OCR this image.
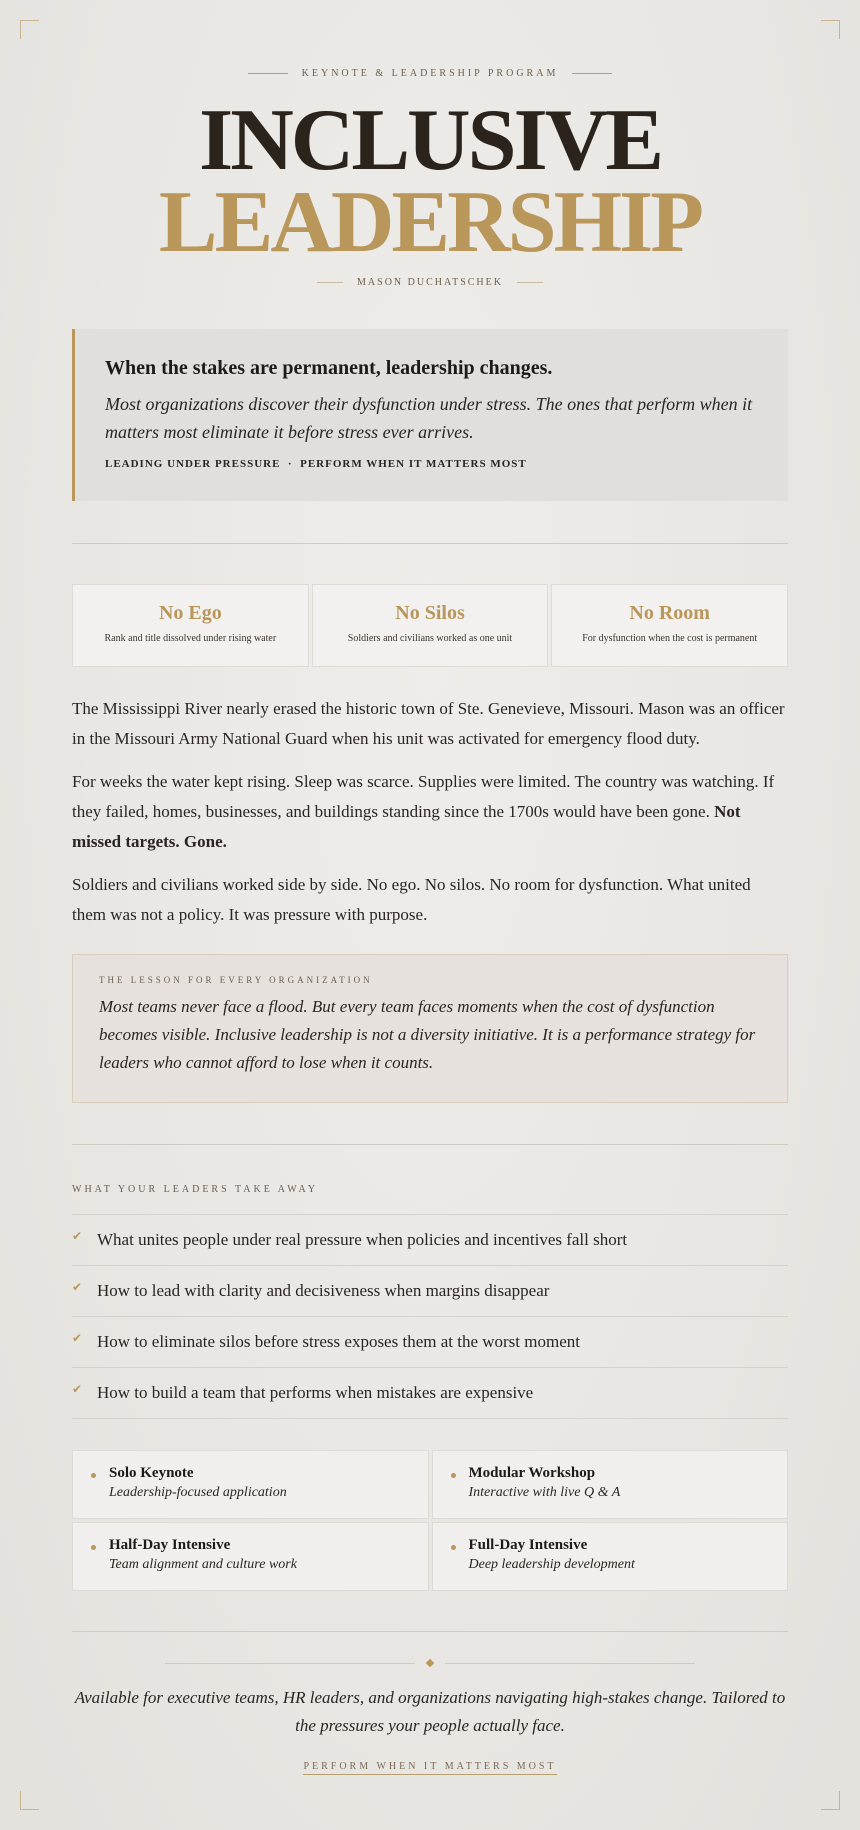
KEYNOTE & LEADERSHIP PROGRAM
INCLUSIVE
LEADERSHIP
MASON DUCHATSCHEK
When the stakes are permanent, leadership changes.
Most organizations discover their dysfunction under stress. The ones that perform when it matters most eliminate it before stress ever arrives.
LEADING UNDER PRESSURE · PERFORM WHEN IT MATTERS MOST
No Ego
Rank and title dissolved under rising water
No Silos
Soldiers and civilians worked as one unit
No Room
For dysfunction when the cost is permanent

The Mississippi River nearly erased the historic town of Ste. Genevieve, Missouri. Mason was an officer in the Missouri Army National Guard when his unit was activated for emergency flood duty.

For weeks the water kept rising. Sleep was scarce. Supplies were limited. The country was watching. If they failed, homes, businesses, and buildings standing since the 1700s would have been gone. Not missed targets. Gone.

Soldiers and civilians worked side by side. No ego. No silos. No room for dysfunction. What united them was not a policy. It was pressure with purpose.

THE LESSON FOR EVERY ORGANIZATION
Most teams never face a flood. But every team faces moments when the cost of dysfunction becomes visible. Inclusive leadership is not a diversity initiative. It is a performance strategy for leaders who cannot afford to lose when it counts.
WHAT YOUR LEADERS TAKE AWAY
✔ What unites people under real pressure when policies and incentives fall short
✔ How to lead with clarity and decisiveness when margins disappear
✔ How to eliminate silos before stress exposes them at the worst moment
✔ How to build a team that performs when mistakes are expensive
Solo Keynote
Leadership-focused application
Modular Workshop
Interactive with live Q & A
Half-Day Intensive
Team alignment and culture work
Full-Day Intensive
Deep leadership development
Available for executive teams, HR leaders, and organizations navigating high-stakes change. Tailored to the pressures your people actually face.
PERFORM WHEN IT MATTERS MOST
